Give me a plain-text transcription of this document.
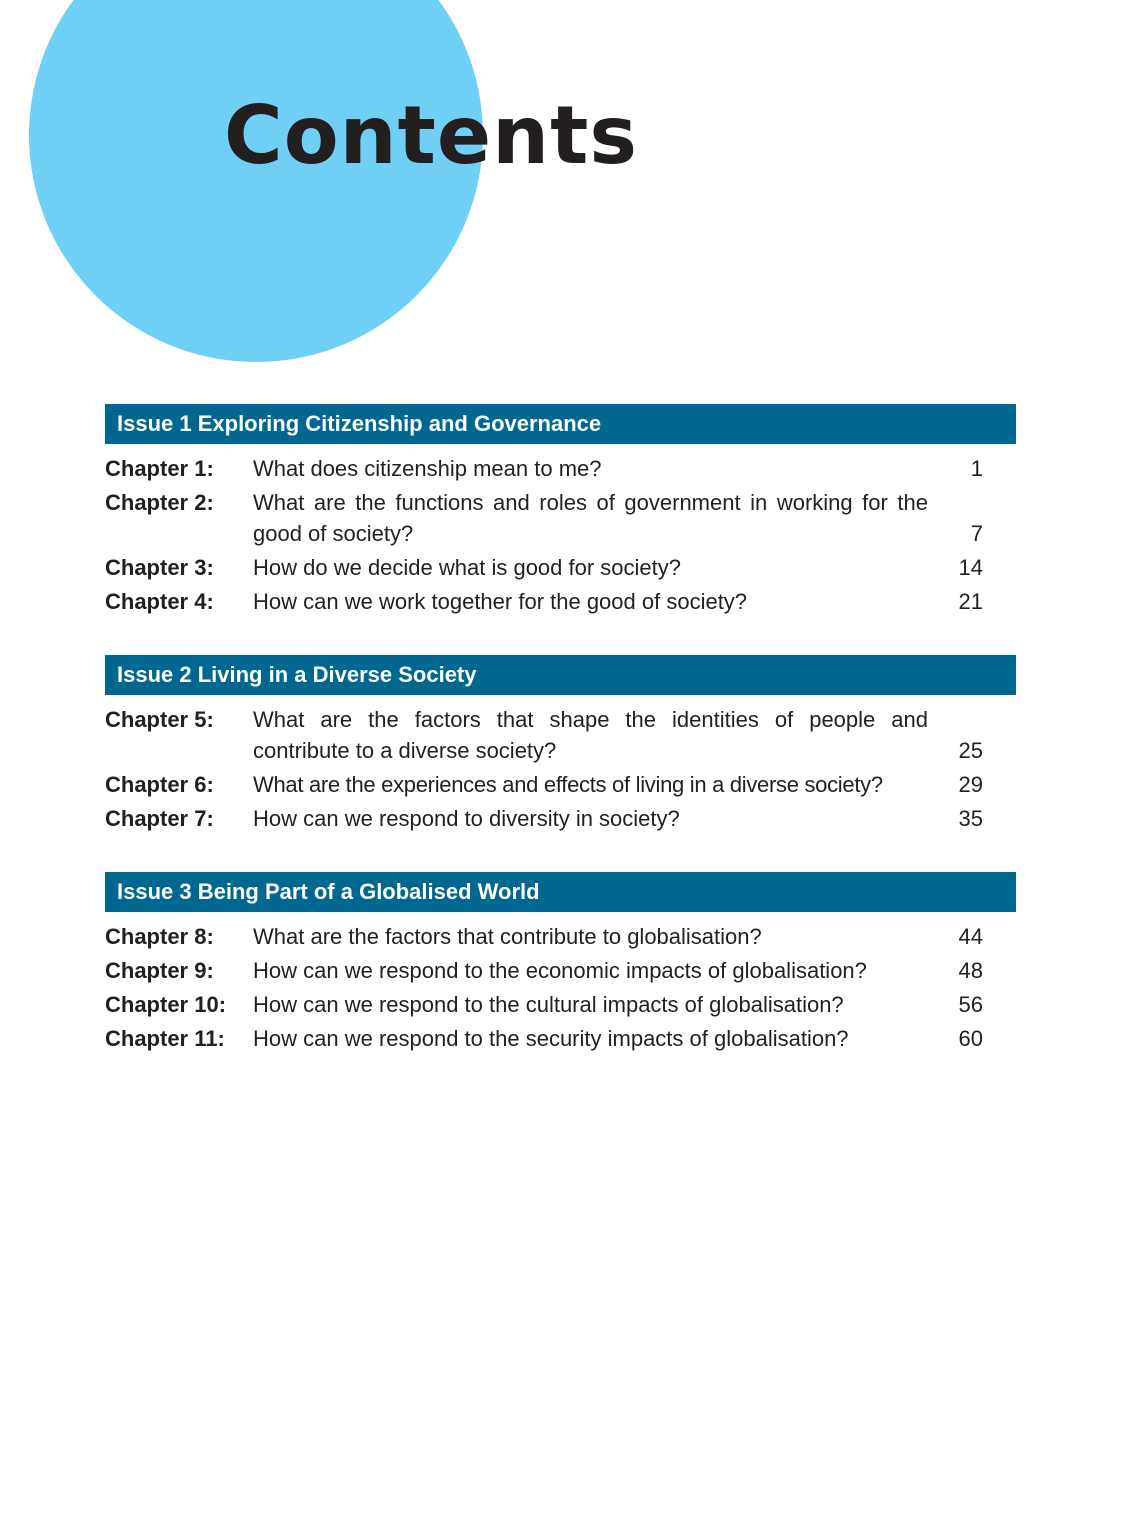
Contents
Issue 1 Exploring Citizenship and Governance
Chapter 1:	What does citizenship mean to me?	1
Chapter 2:	What are the functions and roles of government in working for the good of society?	7
Chapter 3:	How do we decide what is good for society?	14
Chapter 4:	How can we work together for the good of society?	21
Issue 2 Living in a Diverse Society
Chapter 5:	What are the factors that shape the identities of people and contribute to a diverse society?	25
Chapter 6:	What are the experiences and effects of living in a diverse society?	29
Chapter 7:	How can we respond to diversity in society?	35
Issue 3 Being Part of a Globalised World
Chapter 8:	What are the factors that contribute to globalisation?	44
Chapter 9:	How can we respond to the economic impacts of globalisation?	48
Chapter 10:	How can we respond to the cultural impacts of globalisation?	56
Chapter 11:	How can we respond to the security impacts of globalisation?	60
